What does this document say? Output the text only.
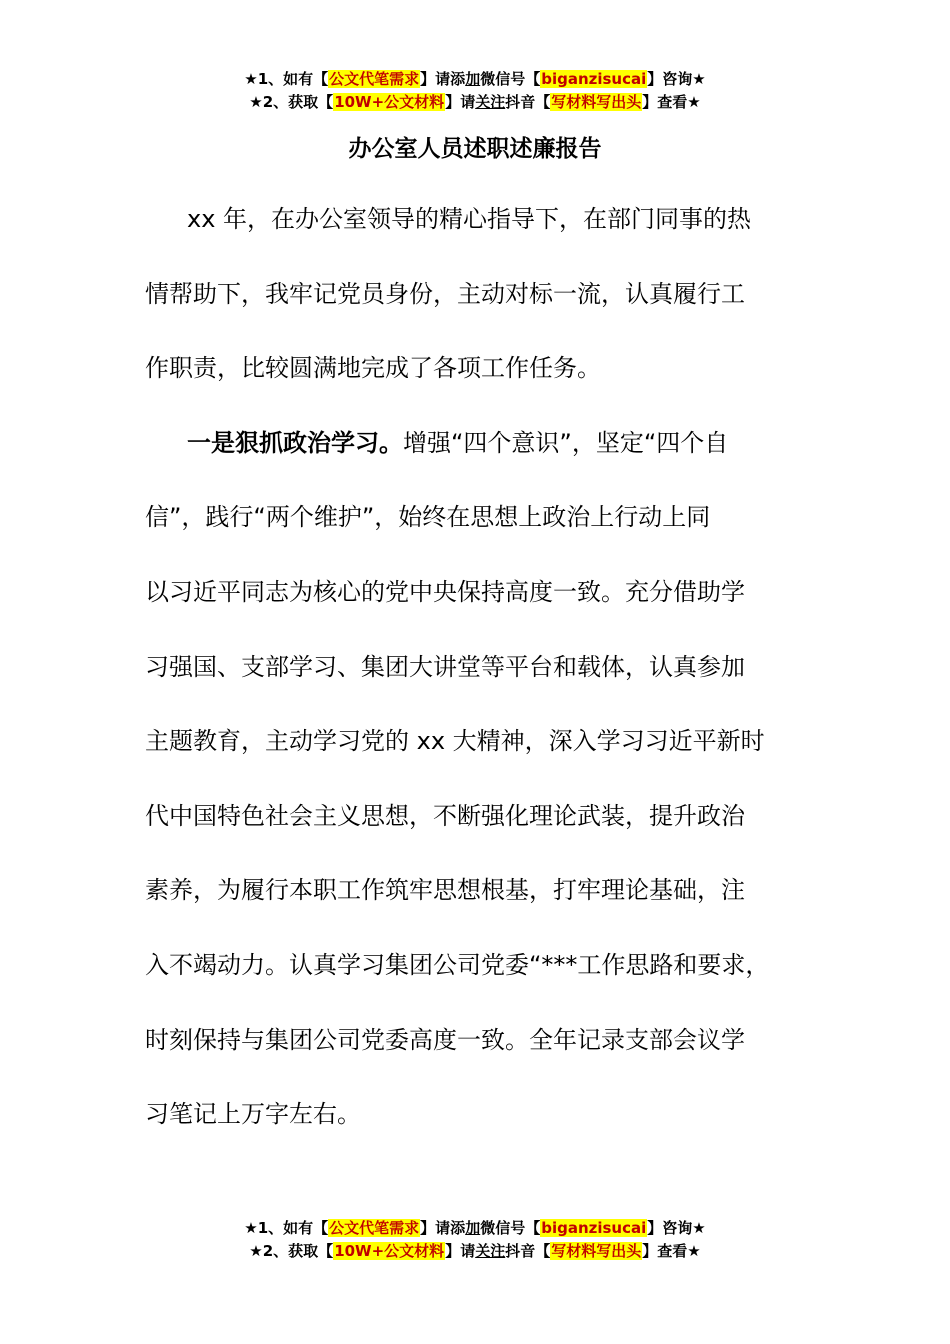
★1、如有【公文代笔需求】请添加微信号【biganzisucai】咨询★
★2、获取【10W+公文材料】请关注抖音【写材料写出头】查看★
办公室人员述职述廉报告

xx 年，在办公室领导的精心指导下，在部门同事的热

情帮助下，我牢记党员身份，主动对标一流，认真履行工

作职责，比较圆满地完成了各项工作任务。

一是狠抓政治学习。增强“四个意识”，坚定“四个自

信”，践行“两个维护”，始终在思想上政治上行动上同

以习近平同志为核心的党中央保持高度一致。充分借助学

习强国、支部学习、集团大讲堂等平台和载体，认真参加

主题教育，主动学习党的 xx 大精神，深入学习习近平新时

代中国特色社会主义思想，不断强化理论武装，提升政治

素养，为履行本职工作筑牢思想根基，打牢理论基础，注

入不竭动力。认真学习集团公司党委“***工作思路和要求，

时刻保持与集团公司党委高度一致。全年记录支部会议学

习笔记上万字左右。

★1、如有【公文代笔需求】请添加微信号【biganzisucai】咨询★
★2、获取【10W+公文材料】请关注抖音【写材料写出头】查看★
